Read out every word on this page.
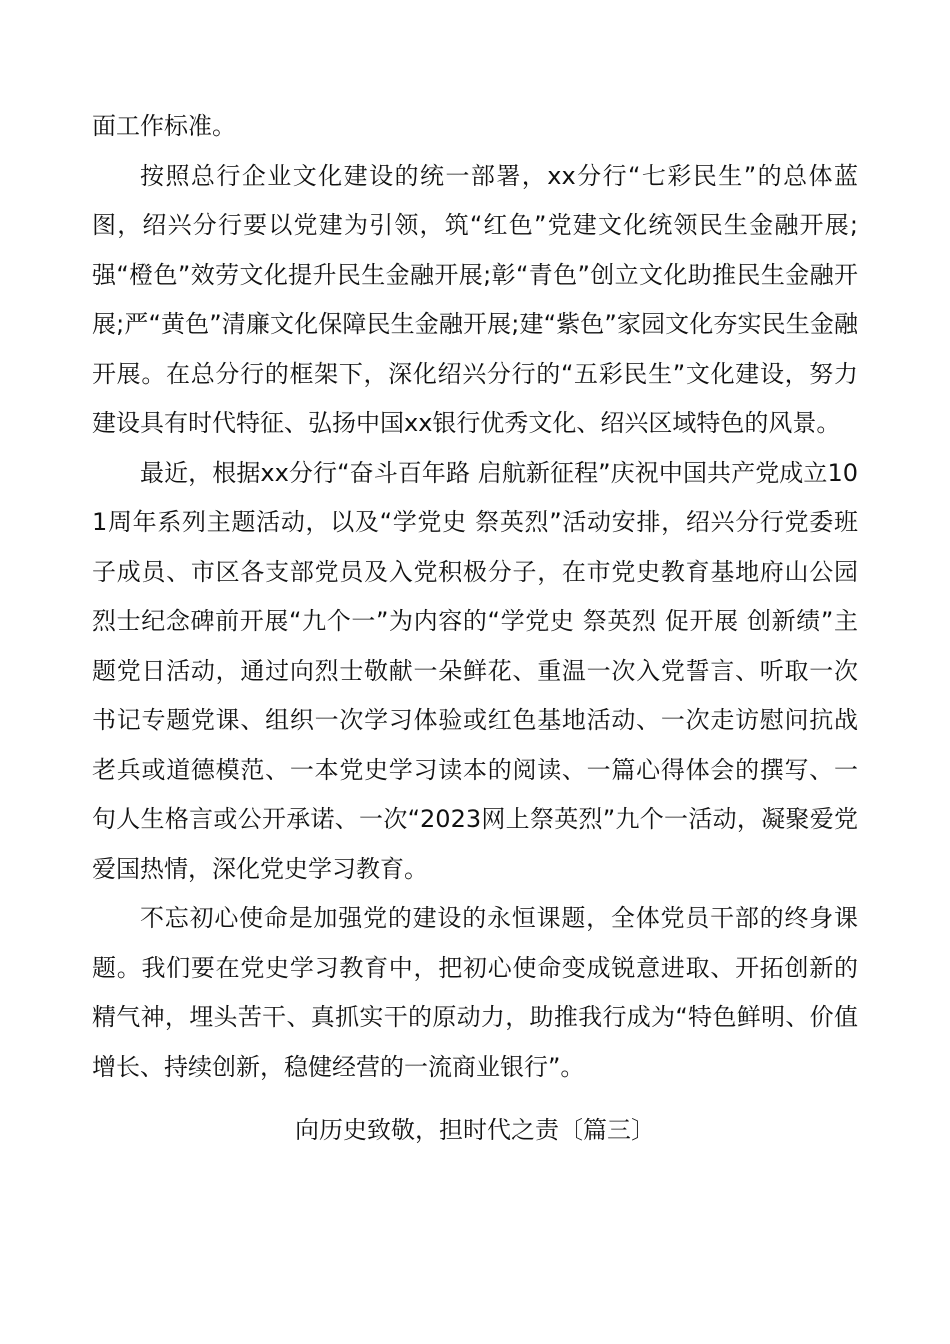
面工作标准。

按照总行企业文化建设的统一部署，xx分行“七彩民生”的总体蓝图，绍兴分行要以党建为引领，筑“红色”党建文化统领民生金融开展;强“橙色”效劳文化提升民生金融开展;彰“青色”创立文化助推民生金融开展;严“黄色”清廉文化保障民生金融开展;建“紫色”家园文化夯实民生金融开展。在总分行的框架下，深化绍兴分行的“五彩民生”文化建设，努力建设具有时代特征、弘扬中国xx银行优秀文化、绍兴区域特色的风景。

最近，根据xx分行“奋斗百年路 启航新征程”庆祝中国共产党成立101周年系列主题活动，以及“学党史 祭英烈”活动安排，绍兴分行党委班子成员、市区各支部党员及入党积极分子，在市党史教育基地府山公园烈士纪念碑前开展“九个一”为内容的“学党史 祭英烈 促开展 创新绩”主题党日活动，通过向烈士敬献一朵鲜花、重温一次入党誓言、听取一次书记专题党课、组织一次学习体验或红色基地活动、一次走访慰问抗战老兵或道德模范、一本党史学习读本的阅读、一篇心得体会的撰写、一句人生格言或公开承诺、一次“2023网上祭英烈”九个一活动，凝聚爱党爱国热情，深化党史学习教育。

不忘初心使命是加强党的建设的永恒课题，全体党员干部的终身课题。我们要在党史学习教育中，把初心使命变成锐意进取、开拓创新的精气神，埋头苦干、真抓实干的原动力，助推我行成为“特色鲜明、价值增长、持续创新，稳健经营的一流商业银行”。

向历史致敬，担时代之责〔篇三〕
